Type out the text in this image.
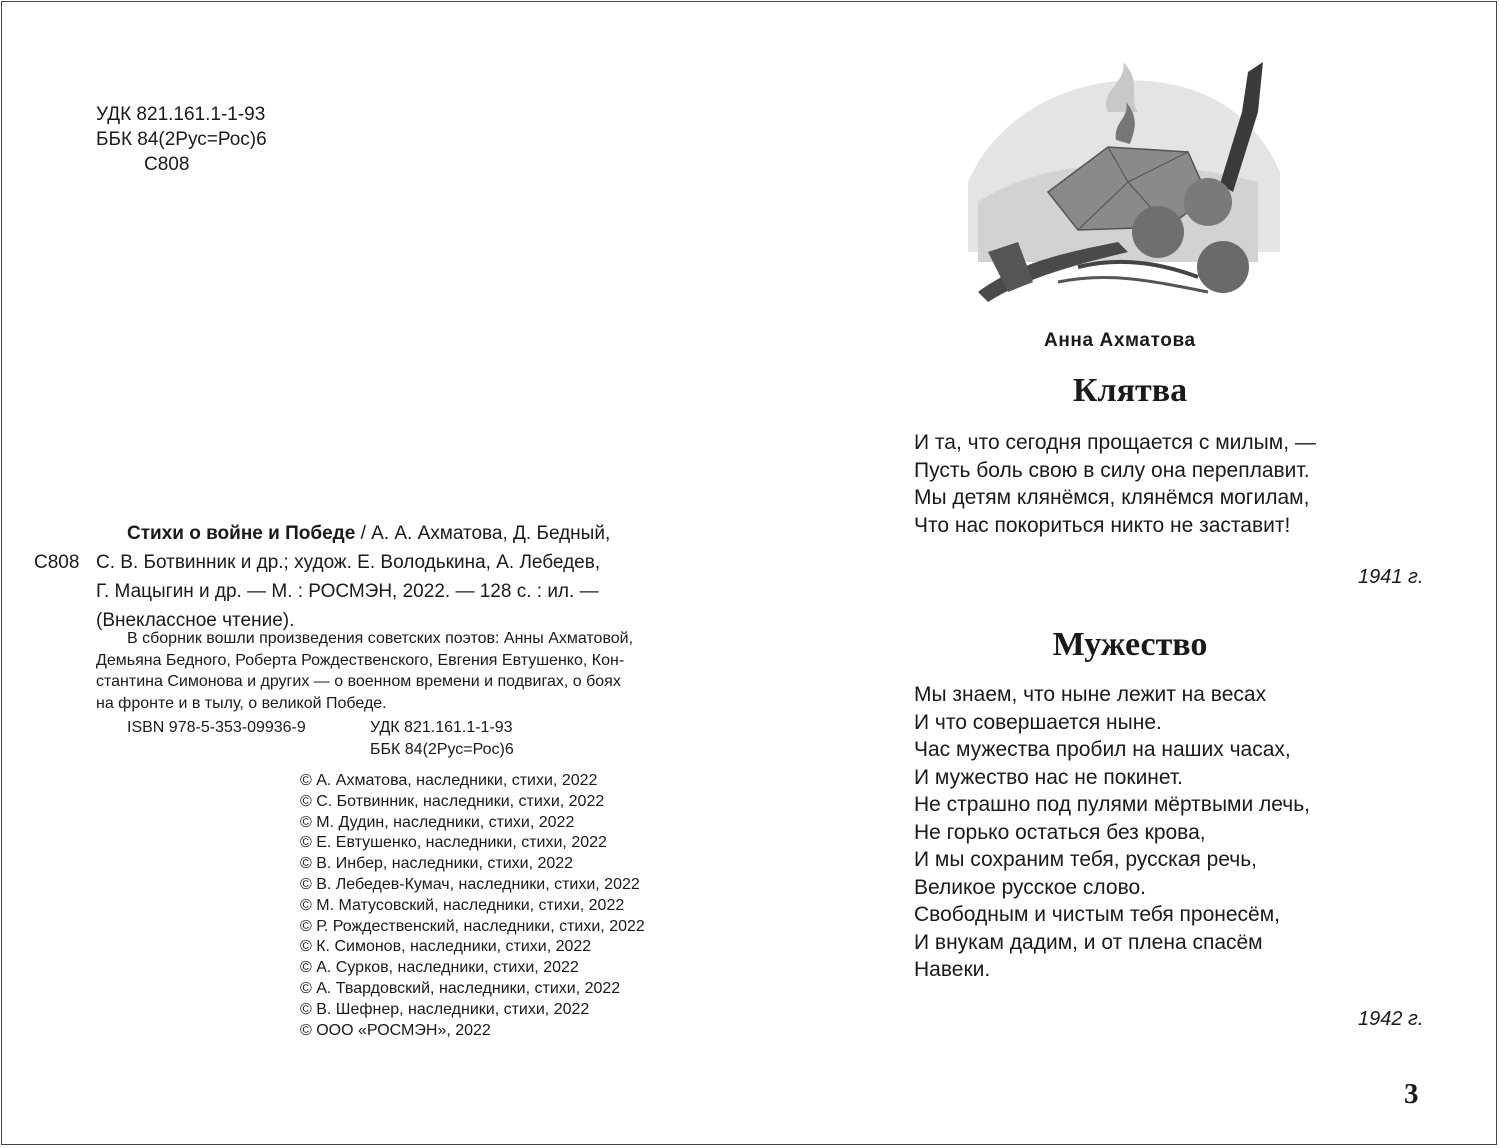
УДК 821.161.1-1-93
ББК 84(2Рус=Рос)6
С808
С808
Стихи о войне и Победе / А. А. Ахматова, Д. Бедный,
С. В. Ботвинник и др.; худож. Е. Володькина, А. Лебедев,
Г. Мацыгин и др. — М. : РОСМЭН, 2022. — 128 с. : ил. —
(Внеклассное чтение).
В сборник вошли произведения советских поэтов: Анны Ахматовой,
Демьяна Бедного, Роберта Рождественского, Евгения Евтушенко, Кон-
стантина Симонова и других — о военном времени и подвигах, о боях
на фронте и в тылу, о великой Победе.
ISBN 978-5-353-09936-9	УДК 821.161.1-1-93
ББК 84(2Рус=Рос)6
© А. Ахматова, наследники, стихи, 2022
© С. Ботвинник, наследники, стихи, 2022
© М. Дудин, наследники, стихи, 2022
© Е. Евтушенко, наследники, стихи, 2022
© В. Инбер, наследники, стихи, 2022
© В. Лебедев-Кумач, наследники, стихи, 2022
© М. Матусовский, наследники, стихи, 2022
© Р. Рождественский, наследники, стихи, 2022
© К. Симонов, наследники, стихи, 2022
© А. Сурков, наследники, стихи, 2022
© А. Твардовский, наследники, стихи, 2022
© В. Шефнер, наследники, стихи, 2022
© ООО «РОСМЭН», 2022
Анна Ахматова
Клятва
И та, что сегодня прощается с милым, —
Пусть боль свою в силу она переплавит.
Мы детям клянёмся, клянёмся могилам,
Что нас покориться никто не заставит!
1941 г.
Мужество
Мы знаем, что ныне лежит на весах
И что совершается ныне.
Час мужества пробил на наших часах,
И мужество нас не покинет.
Не страшно под пулями мёртвыми лечь,
Не горько остаться без крова,
И мы сохраним тебя, русская речь,
Великое русское слово.
Свободным и чистым тебя пронесём,
И внукам дадим, и от плена спасём
Навеки.
1942 г.
3
